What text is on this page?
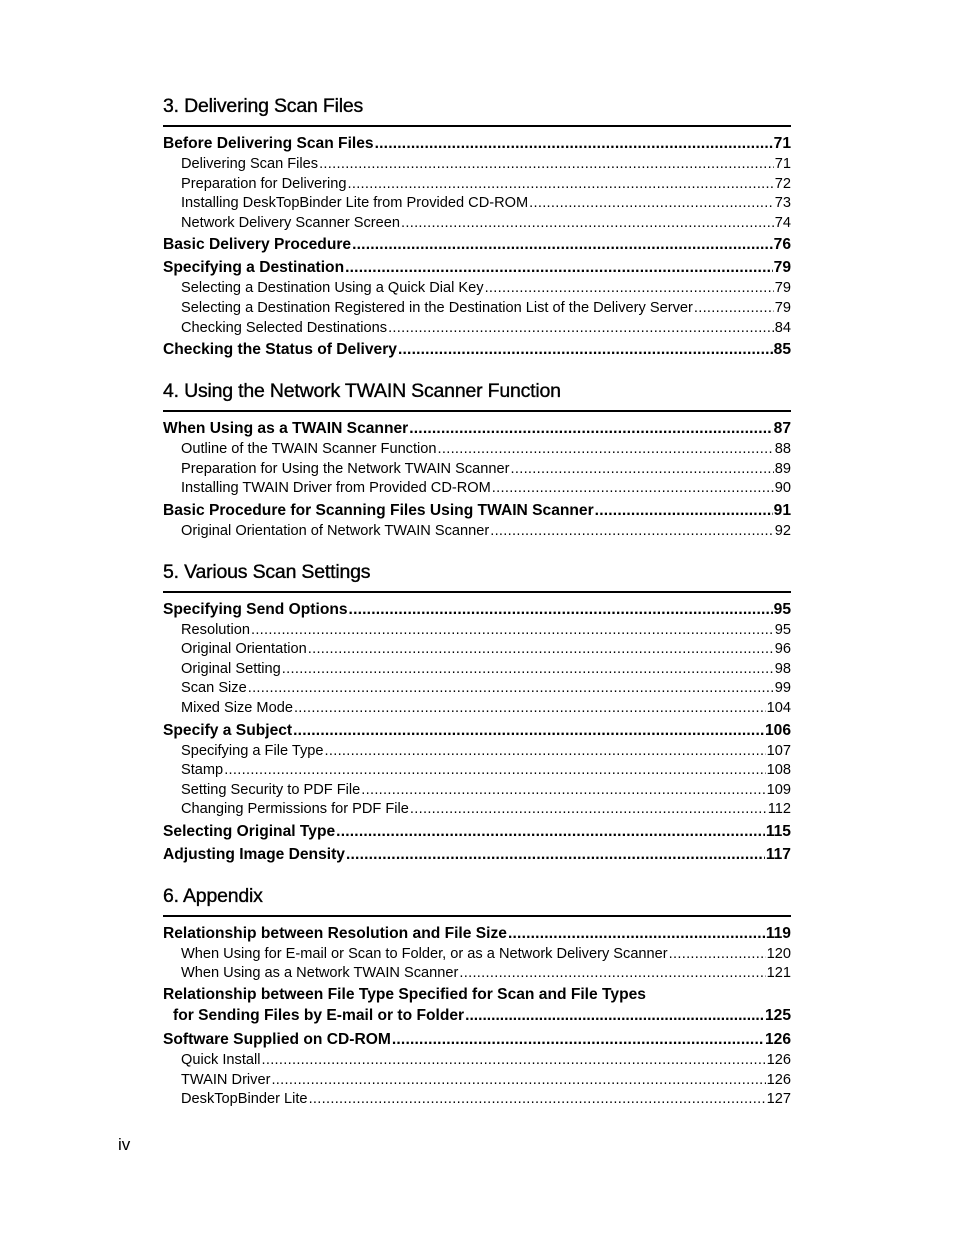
3. Delivering Scan Files
Before Delivering Scan Files .....	71
Delivering Scan Files .....	71
Preparation for Delivering .....	72
Installing DeskTopBinder Lite from Provided CD-ROM .....	73
Network Delivery Scanner Screen .....	74
Basic Delivery Procedure .....	76
Specifying a Destination .....	79
Selecting a Destination Using a Quick Dial Key .....	79
Selecting a Destination Registered in the Destination List of the Delivery Server .....	79
Checking Selected Destinations .....	84
Checking the Status of Delivery .....	85
4. Using the Network TWAIN Scanner Function
When Using as a TWAIN Scanner .....	87
Outline of the TWAIN Scanner Function .....	88
Preparation for Using the Network TWAIN Scanner .....	89
Installing TWAIN Driver from Provided CD-ROM .....	90
Basic Procedure for Scanning Files Using TWAIN Scanner .....	91
Original Orientation of Network TWAIN Scanner .....	92
5. Various Scan Settings
Specifying Send Options .....	95
Resolution .....	95
Original Orientation .....	96
Original Setting .....	98
Scan Size .....	99
Mixed Size Mode .....	104
Specify a Subject .....	106
Specifying a File Type .....	107
Stamp .....	108
Setting Security to PDF File .....	109
Changing Permissions for PDF File .....	112
Selecting Original Type .....	115
Adjusting Image Density .....	117
6. Appendix
Relationship between Resolution and File Size .....	119
When Using for E-mail or Scan to Folder, or as a Network Delivery Scanner .....	120
When Using as a Network TWAIN Scanner .....	121
Relationship between File Type Specified for Scan and File Types
for Sending Files by E-mail or to Folder .....	125
Software Supplied on CD-ROM .....	126
Quick Install .....	126
TWAIN Driver .....	126
DeskTopBinder Lite .....	127
iv
